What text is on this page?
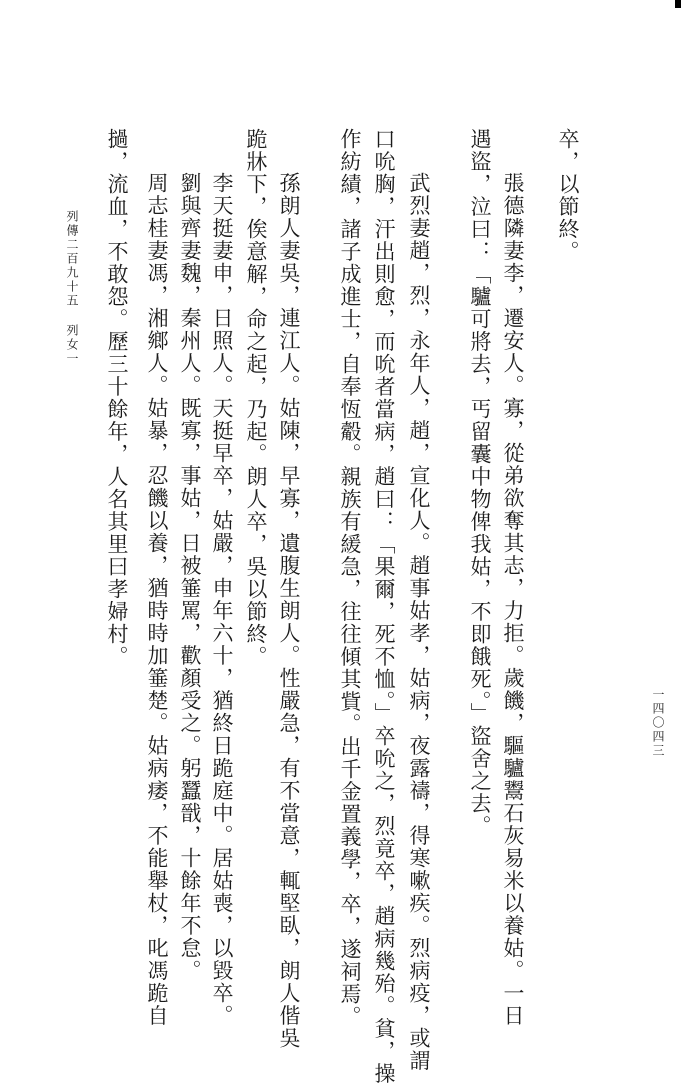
卒，以節終。
張德隣妻李，遷安人。寡，從弟欲奪其志，力拒。歲饑，驅驢鬻石灰易米以養姑。一日
遇盜，泣曰：「驢可將去，丐留囊中物俾我姑，不即餓死。」盜舍之去。
武烈妻趙，烈，永年人，趙，宣化人。趙事姑孝，姑病，夜露禱，得寒嗽疾。烈病疫，或謂
口吮胸，汗出則愈，而吮者當病，趙曰：「果爾，死不恤。」卒吮之，烈竟卒，趙病幾殆。貧，操
作紡績，諸子成進士，自奉恆觳。親族有緩急，往往傾其貲。出千金置義學，卒，遂祠焉。
孫朗人妻吳，連江人。姑陳，早寡，遺腹生朗人。性嚴急，有不當意，輒堅臥，朗人偕吳
跪牀下，俟意解，命之起，乃起。朗人卒，吳以節終。
李天挺妻申，日照人。天挺早卒，姑嚴，申年六十，猶終日跪庭中。居姑喪，以毀卒。
劉與齊妻魏，秦州人。既寡，事姑，日被箠罵，歡顏受之。躬蠶戩，十餘年不怠。
周志桂妻馮，湘鄉人。姑暴，忍饑以養，猶時時加箠楚。姑病痿，不能舉杖，叱馮跪自
撾，流血，不敢怨。歷三十餘年，人名其里曰孝婦村。
一四〇四三
列傳二百九十五 列女一
